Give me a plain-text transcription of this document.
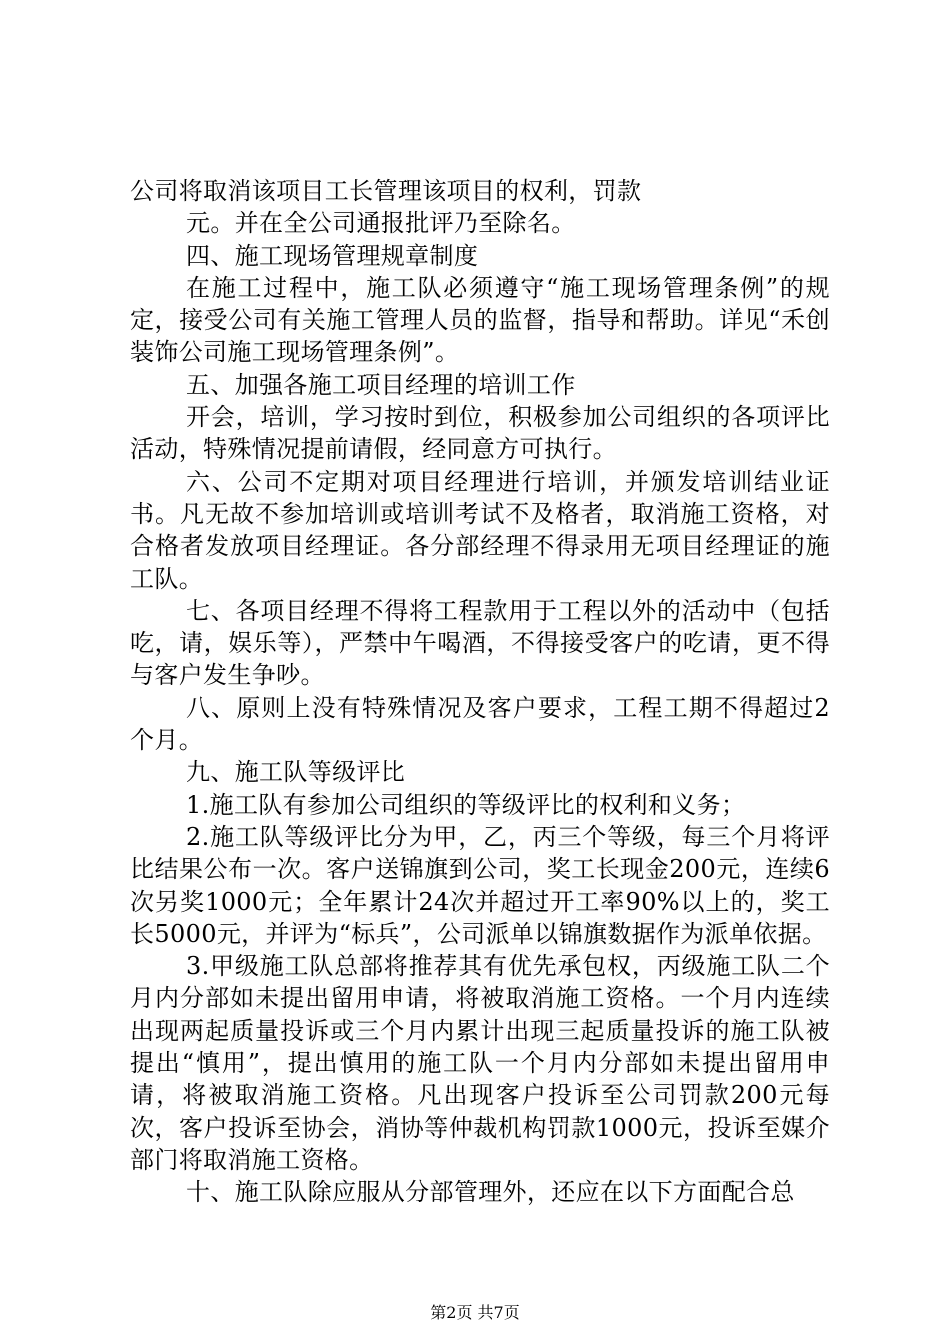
公司将取消该项目工长管理该项目的权利，罚款

元。并在全公司通报批评乃至除名。

四、施工现场管理规章制度

在施工过程中，施工队必须遵守“施工现场管理条例”的规定，接受公司有关施工管理人员的监督，指导和帮助。详见“禾创装饰公司施工现场管理条例”。

五、加强各施工项目经理的培训工作

开会，培训，学习按时到位，积极参加公司组织的各项评比活动，特殊情况提前请假，经同意方可执行。

六、公司不定期对项目经理进行培训，并颁发培训结业证书。凡无故不参加培训或培训考试不及格者，取消施工资格，对合格者发放项目经理证。各分部经理不得录用无项目经理证的施工队。

七、各项目经理不得将工程款用于工程以外的活动中（包括吃，请，娱乐等），严禁中午喝酒，不得接受客户的吃请，更不得与客户发生争吵。

八、原则上没有特殊情况及客户要求，工程工期不得超过2个月。

九、施工队等级评比

1.施工队有参加公司组织的等级评比的权利和义务；

2.施工队等级评比分为甲，乙，丙三个等级，每三个月将评比结果公布一次。客户送锦旗到公司，奖工长现金200元，连续6次另奖1000元；全年累计24次并超过开工率90%以上的，奖工长5000元，并评为“标兵”，公司派单以锦旗数据作为派单依据。

3.甲级施工队总部将推荐其有优先承包权，丙级施工队二个月内分部如未提出留用申请，将被取消施工资格。一个月内连续出现两起质量投诉或三个月内累计出现三起质量投诉的施工队被提出“慎用”，提出慎用的施工队一个月内分部如未提出留用申请，将被取消施工资格。凡出现客户投诉至公司罚款200元每次，客户投诉至协会，消协等仲裁机构罚款1000元，投诉至媒介部门将取消施工资格。

十、施工队除应服从分部管理外，还应在以下方面配合总

第2页 共7页
